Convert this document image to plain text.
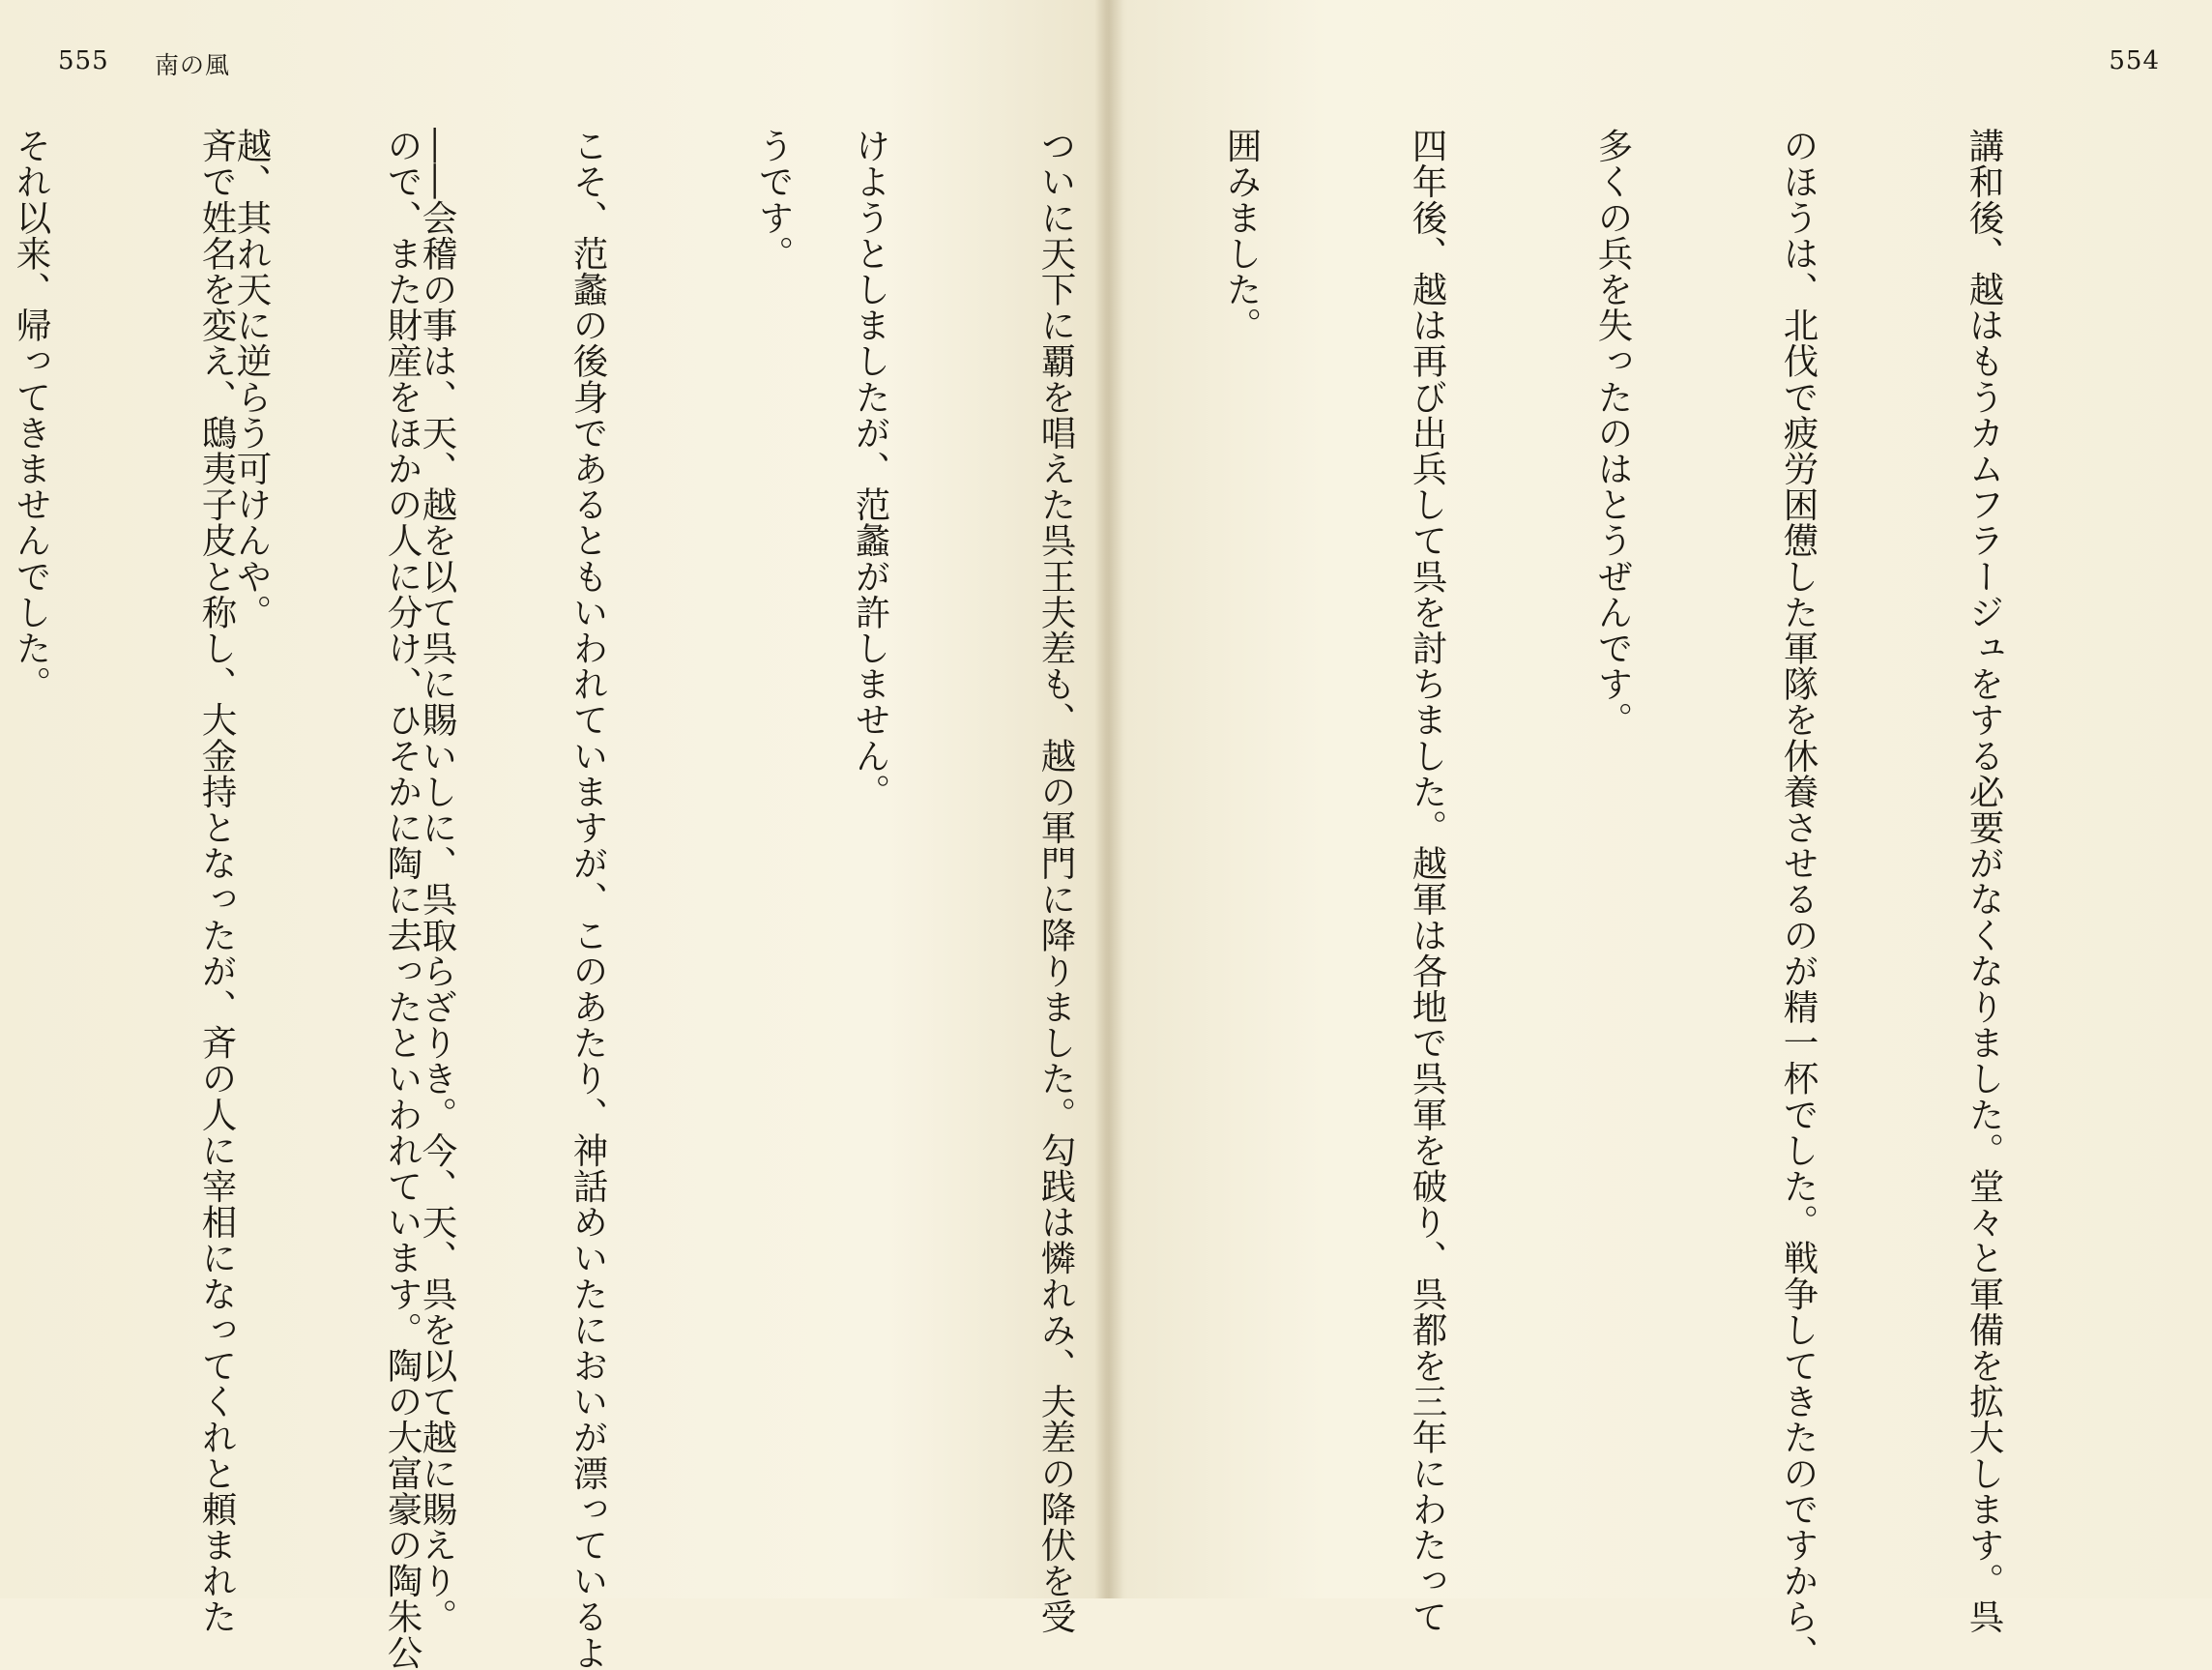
555 南の風

うです。

こそ、范蠡の後身であるともいわれていますが、このあたり、神話めいたにおいが漂っているよ

ので、また財産をほかの人に分け、ひそかに陶に去ったといわれています。陶の大富豪の陶朱公

斉で姓名を変え、鴟夷子皮と称し、大金持となったが、斉の人に宰相になってくれと頼まれた

それ以来、帰ってきませんでした。

554

講和後、越はもうカムフラージュをする必要がなくなりました。堂々と軍備を拡大します。呉

のほうは、北伐で疲労困憊した軍隊を休養させるのが精一杯でした。戦争してきたのですから、

多くの兵を失ったのはとうぜんです。

四年後、越は再び出兵して呉を討ちました。越軍は各地で呉軍を破り、呉都を三年にわたって

囲みました。

ついに天下に覇を唱えた呉王夫差も、越の軍門に降りました。勾践は憐れみ、夫差の降伏を受

けようとしましたが、范蠡が許しません。

――会稽の事は、天、越を以て呉に賜いしに、呉取らざりき。今、天、呉を以て越に賜えり。

越、其れ天に逆らう可けんや。
